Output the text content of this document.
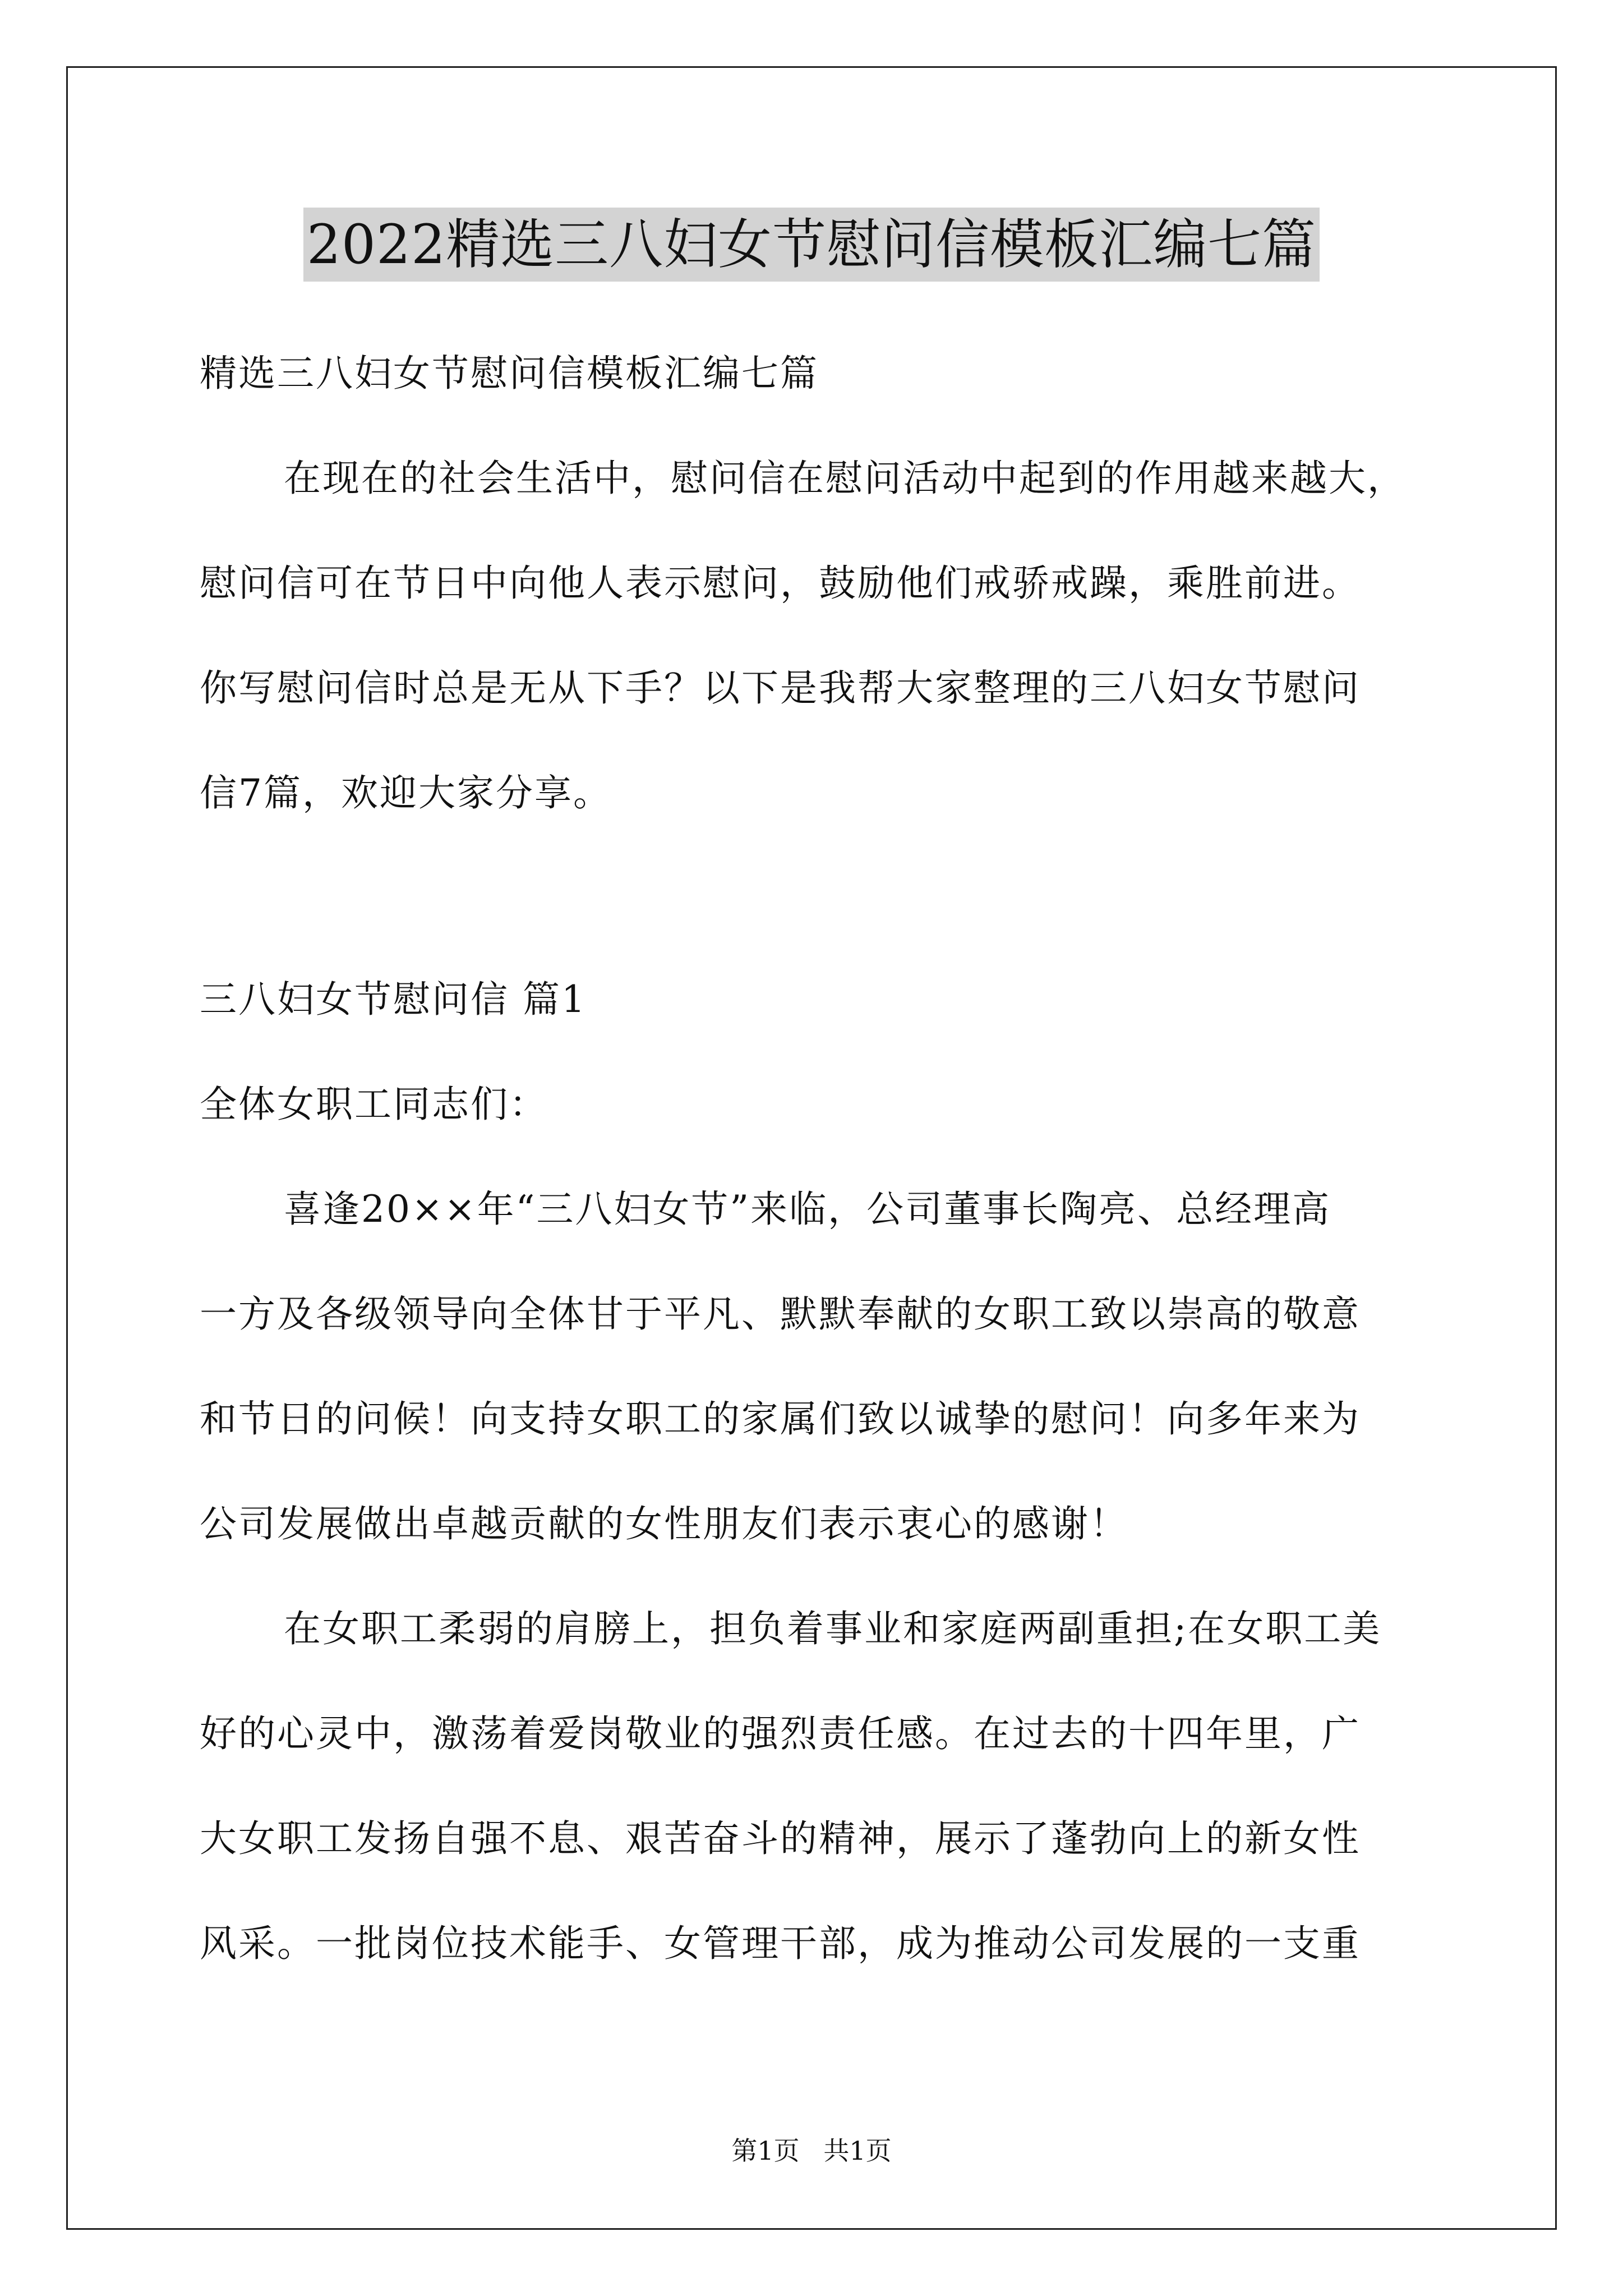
2022精选三八妇女节慰问信模板汇编七篇
精选三八妇女节慰问信模板汇编七篇
在现在的社会生活中，慰问信在慰问活动中起到的作用越来越大，
慰问信可在节日中向他人表示慰问，鼓励他们戒骄戒躁，乘胜前进。
你写慰问信时总是无从下手？以下是我帮大家整理的三八妇女节慰问
信7篇，欢迎大家分享。
三八妇女节慰问信 篇1
全体女职工同志们：
喜逢20××年“三八妇女节”来临，公司董事长陶亮、总经理高
一方及各级领导向全体甘于平凡、默默奉献的女职工致以崇高的敬意
和节日的问候！向支持女职工的家属们致以诚挚的慰问！向多年来为
公司发展做出卓越贡献的女性朋友们表示衷心的感谢！
在女职工柔弱的肩膀上，担负着事业和家庭两副重担;在女职工美
好的心灵中，激荡着爱岗敬业的强烈责任感。在过去的十四年里，广
大女职工发扬自强不息、艰苦奋斗的精神，展示了蓬勃向上的新女性
风采。一批岗位技术能手、女管理干部，成为推动公司发展的一支重
第1页 共1页
